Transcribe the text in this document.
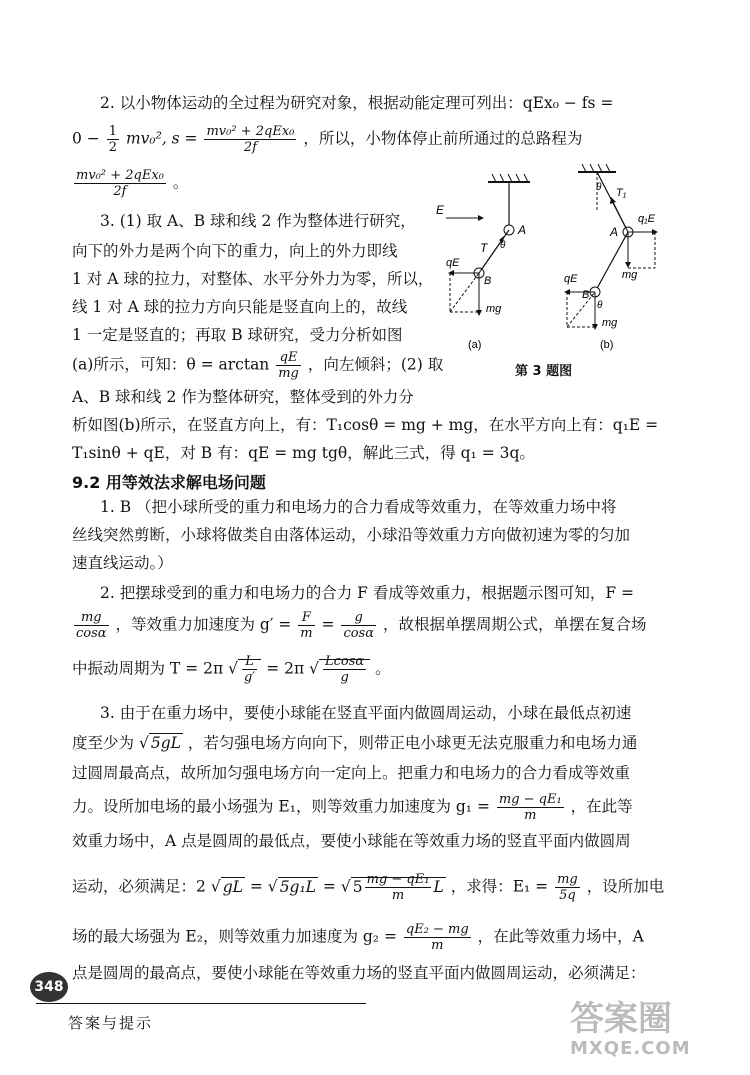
2. 以小物体运动的全过程为研究对象，根据动能定理可列出：qEx₀ − fs =
$0 - \frac{1}{2} mv_0^2$, $s = \frac{\text{mv₀² + 2qEx₀}}{2f}$ ，所以，小物体停止前所通过的总路程为
$\frac{\text{mv₀² + 2qEx₀}}{2f}$ 。
3. (1) 取 A、B 球和线 2 作为整体进行研究，
向下的外力是两个向下的重力，向上的外力即线
1 对 A 球的拉力，对整体、水平分外力为零，所以，
线 1 对 A 球的拉力方向只能是竖直向上的，故线
1 一定是竖直的；再取 B 球研究，受力分析如图
(a)所示，可知：$\theta = \arctan \frac{qE}{mg}$ ，向左倾斜；(2) 取
A、B 球和线 2 作为整体研究，整体受到的外力分
析如图(b)所示，在竖直方向上，有：T₁cosθ = mg + mg，在水平方向上有：q₁E =
T₁sinθ + qE，对 B 有：qE = mg tgθ，解此三式，得 q₁ = 3q。
E
A
T θ
qE
B
mg
(a)
θ T₁
A
q₁E
mg
qE
B
θ
mg
(b)
第 3 题图
9.2 用等效法求解电场问题
1. B （把小球所受的重力和电场力的合力看成等效重力，在等效重力场中将
丝线突然剪断，小球将做类自由落体运动，小球沿等效重力方向做初速为零的匀加
速直线运动。）
2. 把摆球受到的重力和电场力的合力 F 看成等效重力，根据题示图可知，F =
$\frac{mg}{\cos\alpha}$ ，等效重力加速度为 $g' = \frac{F}{m} = \frac{g}{\cos\alpha}$ ，故根据单摆周期公式，单摆在复合场
中振动周期为 T = 2π √ $\frac{L}{g'} = 2\pi$ √ $\frac{Lcos\alpha}{g}$ 。
3. 由于在重力场中，要使小球能在竖直平面内做圆周运动，小球在最低点初速
度至少为 √ 5gL ，若匀强电场方向向下，则带正电小球更无法克服重力和电场力通
过圆周最高点，故所加匀强电场方向一定向上。把重力和电场力的合力看成等效重
力。设所加电场的最小场强为 E₁，则等效重力加速度为 $g_1 = \frac{\text{mg − qE₁}}{m}$ ，在此等
效重力场中，A 点是圆周的最低点，要使小球能在等效重力场的竖直平面内做圆周
运动，必须满足：2 √ gL = √ 5g₁L = √ $5 \frac{\text{mg − qE₁}}{m}$ L ，求得：$E_1 = \frac{mg}{5q}$ ，设所加电
场的最大场强为 E₂，则等效重力加速度为 $g_2 = \frac{\text{qE₂ − mg}}{m}$ ，在此等效重力场中，A
点是圆周的最高点，要使小球能在等效重力场的竖直平面内做圆周运动，必须满足：
348
答案与提示	答案圈
MXQE.COM
